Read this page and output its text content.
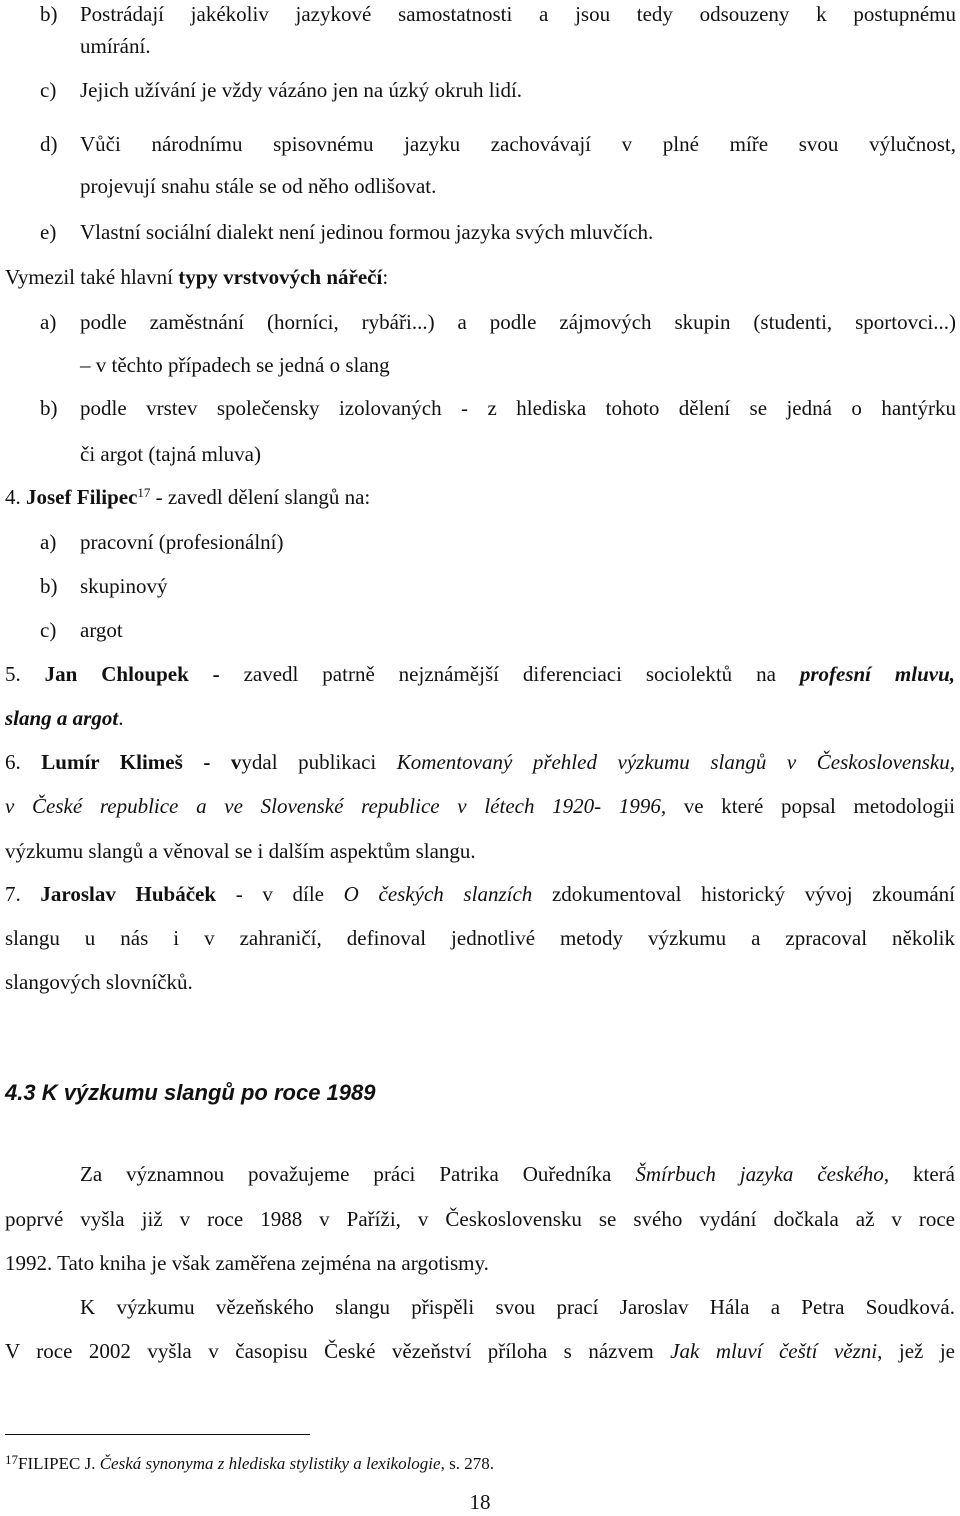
b) Postrádají jakékoliv jazykové samostatnosti a jsou tedy odsouzeny k postupnému
umírání.
c) Jejich užívání je vždy vázáno jen na úzký okruh lidí.
d) Vůči národnímu spisovnému jazyku zachovávají v plné míře svou výlučnost,
projevují snahu stále se od něho odlišovat.
e) Vlastní sociální dialekt není jedinou formou jazyka svých mluvčích.
Vymezil také hlavní typy vrstvových nářečí:
a) podle zaměstnání (horníci, rybáři...) a podle zájmových skupin (studenti, sportovci...)
– v těchto případech se jedná o slang
b) podle vrstev společensky izolovaných - z hlediska tohoto dělení se jedná o hantýrku
či argot (tajná mluva)
4. Josef Filipec$^{17}$ - zavedl dělení slangů na:
a) pracovní (profesionální)
b) skupinový
c) argot
5. Jan Chloupek - zavedl patrně nejznámější diferenciaci sociolektů na profesní mluvu,
slang a argot.
6. Lumír Klimeš - vydal publikaci Komentovaný přehled výzkumu slangů v Československu,
v České republice a ve Slovenské republice v létech 1920- 1996, ve které popsal metodologii
výzkumu slangů a věnoval se i dalším aspektům slangu.
7. Jaroslav Hubáček - v díle O českých slanzích zdokumentoval historický vývoj zkoumání
slangu u nás i v zahraničí, definoval jednotlivé metody výzkumu a zpracoval několik
slangových slovníčků.
4.3 K výzkumu slangů po roce 1989
Za významnou považujeme práci Patrika Ouředníka Šmírbuch jazyka českého, která
poprvé vyšla již v roce 1988 v Paříži, v Československu se svého vydání dočkala až v roce
1992. Tato kniha je však zaměřena zejména na argotismy.
K výzkumu vězeňského slangu přispěli svou prací Jaroslav Hála a Petra Soudková.
V roce 2002 vyšla v časopisu České vězeňství příloha s názvem Jak mluví čeští vězni, jež je
$^{17}$FILIPEC J. Česká synonyma z hlediska stylistiky a lexikologie, s. 278.
18
